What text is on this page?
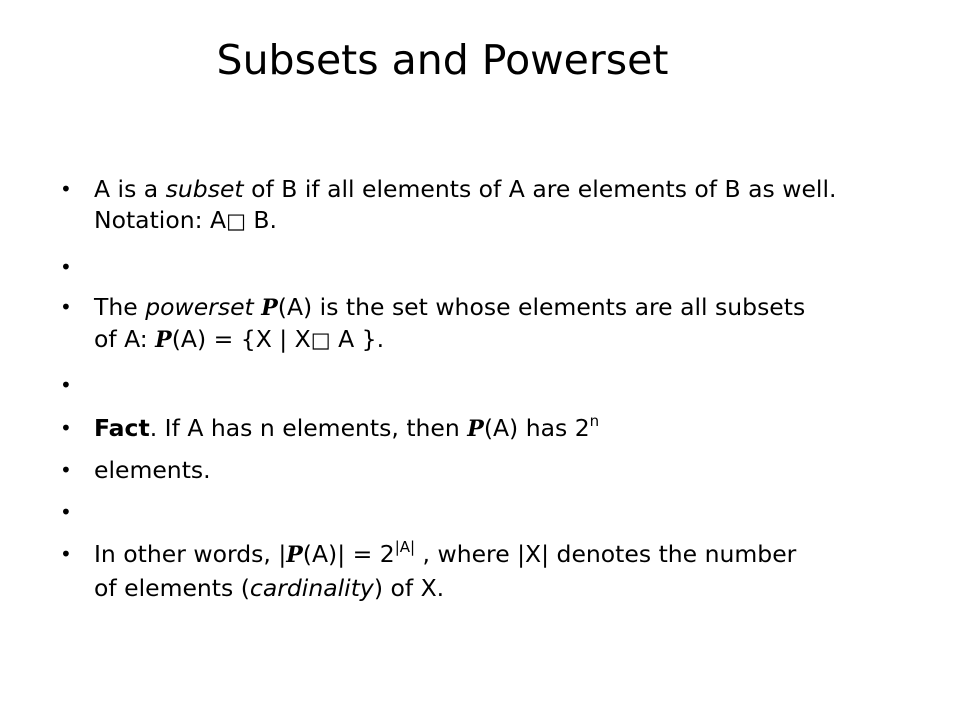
Subsets and Powerset
• A is a subset of B if all elements of A are elements of B as well.
Notation: A□ B.
•
• The powerset P(A) is the set whose elements are all subsets
of A: P(A) = {X | X□ A }.
•
• Fact. If A has n elements, then P(A) has 2$^n$
• elements.
•
• In other words, $|P(A)| = 2^{|A|}$ , where |X| denotes the number
of elements (cardinality) of X.
